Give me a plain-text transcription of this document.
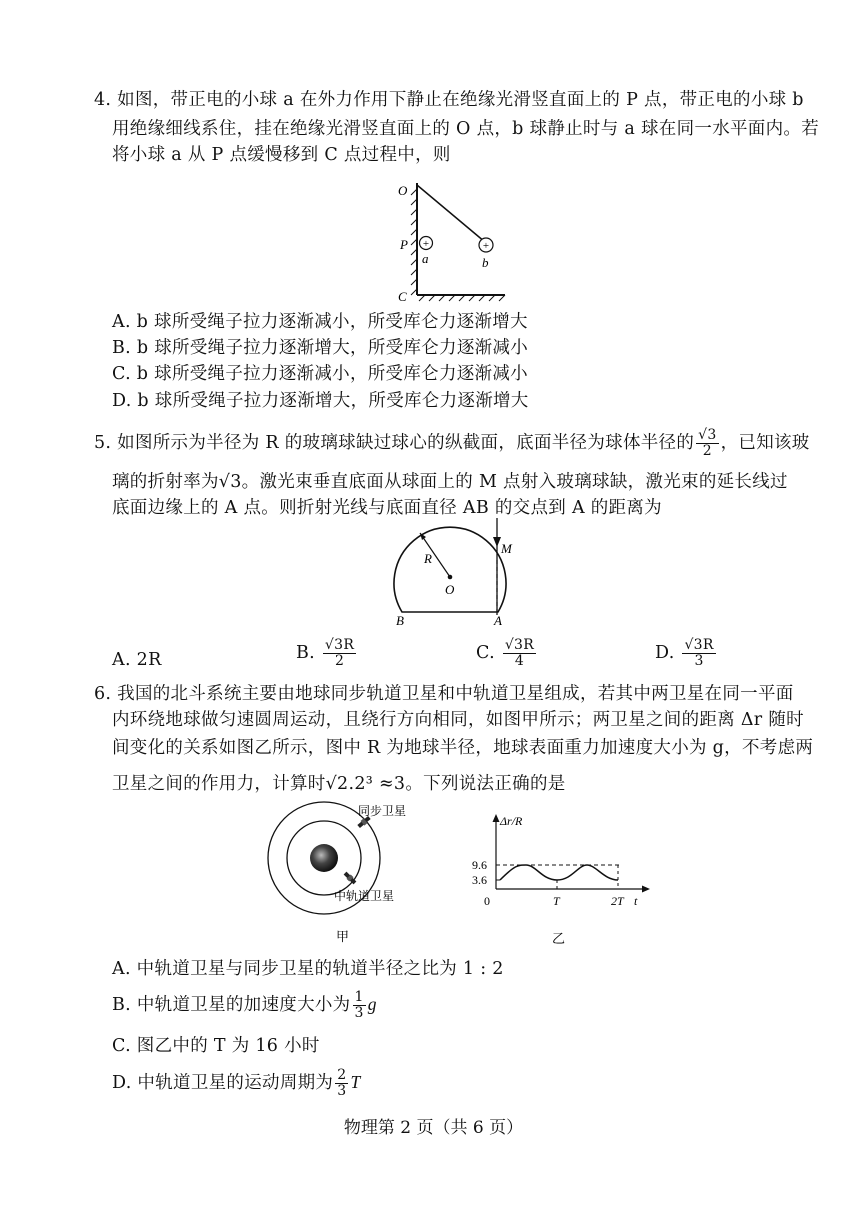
4. 如图，带正电的小球 a 在外力作用下静止在绝缘光滑竖直面上的 P 点，带正电的小球 b
用绝缘细线系住，挂在绝缘光滑竖直面上的 O 点，b 球静止时与 a 球在同一水平面内。若
将小球 a 从 P 点缓慢移到 C 点过程中，则
+	+
O
P
a	b
C
A. b 球所受绳子拉力逐渐减小，所受库仑力逐渐增大
B. b 球所受绳子拉力逐渐增大，所受库仑力逐渐减小
C. b 球所受绳子拉力逐渐减小，所受库仑力逐渐减小
D. b 球所受绳子拉力逐渐增大，所受库仑力逐渐增大
5. 如图所示为半径为 R 的玻璃球缺过球心的纵截面，底面半径为球体半径的 $\frac{√3}{2}$ ，已知该玻
璃的折射率为√3。激光束垂直底面从球面上的 M 点射入玻璃球缺，激光束的延长线过
底面边缘上的 A 点。则折射光线与底面直径 AB 的交点到 A 的距离为
R
O
M
B	A
A. 2R	B. $\frac{√3R}{2}$	C. $\frac{√3R}{4}$	D. $\frac{√3R}{3}$
6. 我国的北斗系统主要由地球同步轨道卫星和中轨道卫星组成，若其中两卫星在同一平面
内环绕地球做匀速圆周运动，且绕行方向相同，如图甲所示；两卫星之间的距离 Δr 随时
间变化的关系如图乙所示，图中 R 为地球半径，地球表面重力加速度大小为 g，不考虑两
卫星之间的作用力，计算时√2.2³ ≈3。下列说法正确的是
同步卫星
中轨道卫星
甲
Δr/R
9.6
3.6
0	T	2T t
乙
A. 中轨道卫星与同步卫星的轨道半径之比为 1 : 2
B. 中轨道卫星的加速度大小为 $\frac{1}{3}$ g
C. 图乙中的 T 为 16 小时
D. 中轨道卫星的运动周期为 $\frac{2}{3}$ T
物理第 2 页（共 6 页）
